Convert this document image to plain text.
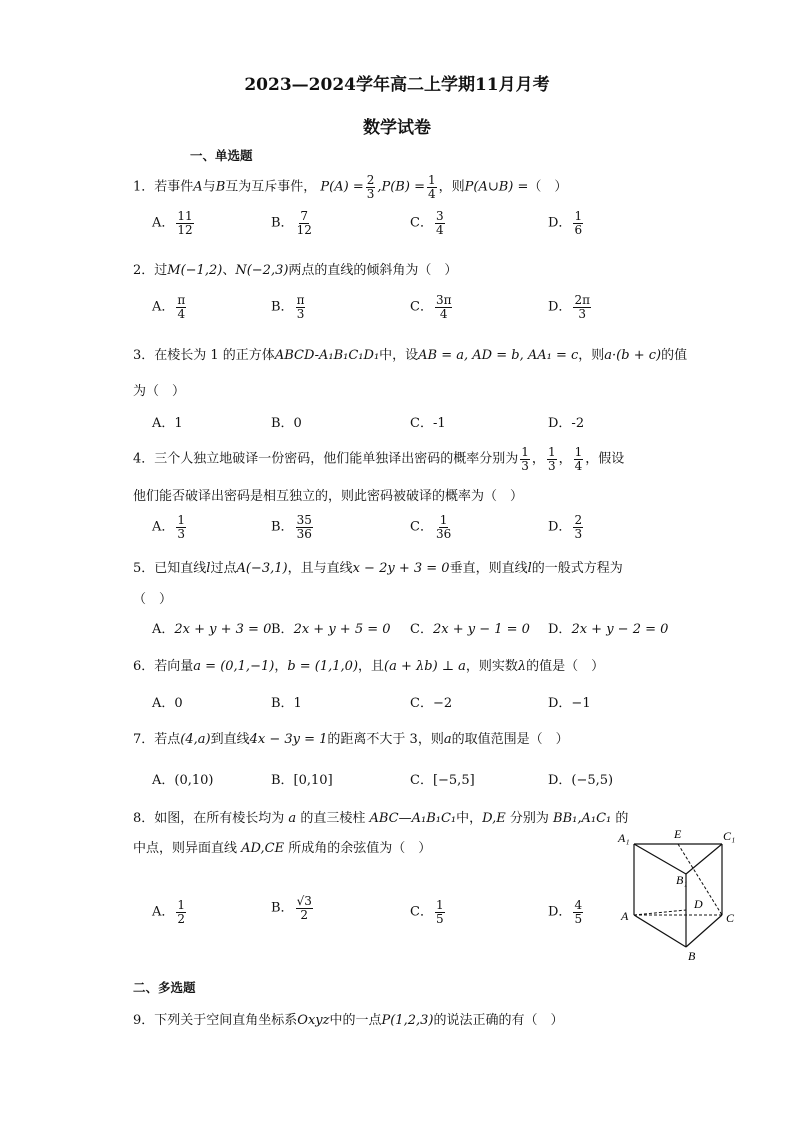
2023—2024学年高二上学期11月月考
数学试卷
一、单选题
1．若事件A与B互为互斥事件， $P(A) = \frac{2}{3} ,P(B) = \frac{1}{4}$ ，则P(A∪B) =（　）
A． $\frac{11}{12}$	B． $\frac{7}{12}$	C． $\frac{3}{4}$	D． $\frac{1}{6}$
2．过M(−1,2)、N(−2,3)两点的直线的倾斜角为（　）
A． $\frac{\pi}{4}$	B． $\frac{\pi}{3}$	C． $\frac{3\pi}{4}$	D． $\frac{2\pi}{3}$
3．在棱长为 1 的正方体ABCD-A₁B₁C₁D₁中，设AB = a, AD = b, AA₁ = c，则a·(b + c)的值
为（　）
A．1	B．0	C．-1	D．-2
4．三个人独立地破译一份密码，他们能单独译出密码的概率分别为 $\frac{1}{3}$ ， $\frac{1}{3}$ ， $\frac{1}{4}$ ，假设
他们能否破译出密码是相互独立的，则此密码被破译的概率为（　）
A． $\frac{1}{3}$	B． $\frac{35}{36}$	C． $\frac{1}{36}$	D． $\frac{2}{3}$
5．已知直线l过点A(−3,1)，且与直线x − 2y + 3 = 0垂直，则直线l的一般式方程为
（　）
A．2x + y + 3 = 0 B．2x + y + 5 = 0 C．2x + y − 1 = 0 D．2x + y − 2 = 0
6．若向量a = (0,1,−1)，b = (1,1,0)，且(a + λb) ⊥ a，则实数λ的值是（　）
A．0	B．1	C．−2	D．−1
7．若点(4,a)到直线4x − 3y = 1的距离不大于 3，则a的取值范围是（　）
A．(0,10)	B．[0,10]	C．[−5,5]	D．(−5,5)
8．如图，在所有棱长均为 a 的直三棱柱 ABC—A₁B₁C₁中，D,E 分别为 BB₁,A₁C₁ 的
中点，则异面直线 AD,CE 所成角的余弦值为（　）
A． $\frac{1}{2}$	B． $\frac{√3}{2}$	C． $\frac{1}{5}$	D． $\frac{4}{5}$
A₁	E	C₁
B₁
D
A	C
B
二、多选题
9．下列关于空间直角坐标系Oxyz中的一点P(1,2,3)的说法正确的有（　）
